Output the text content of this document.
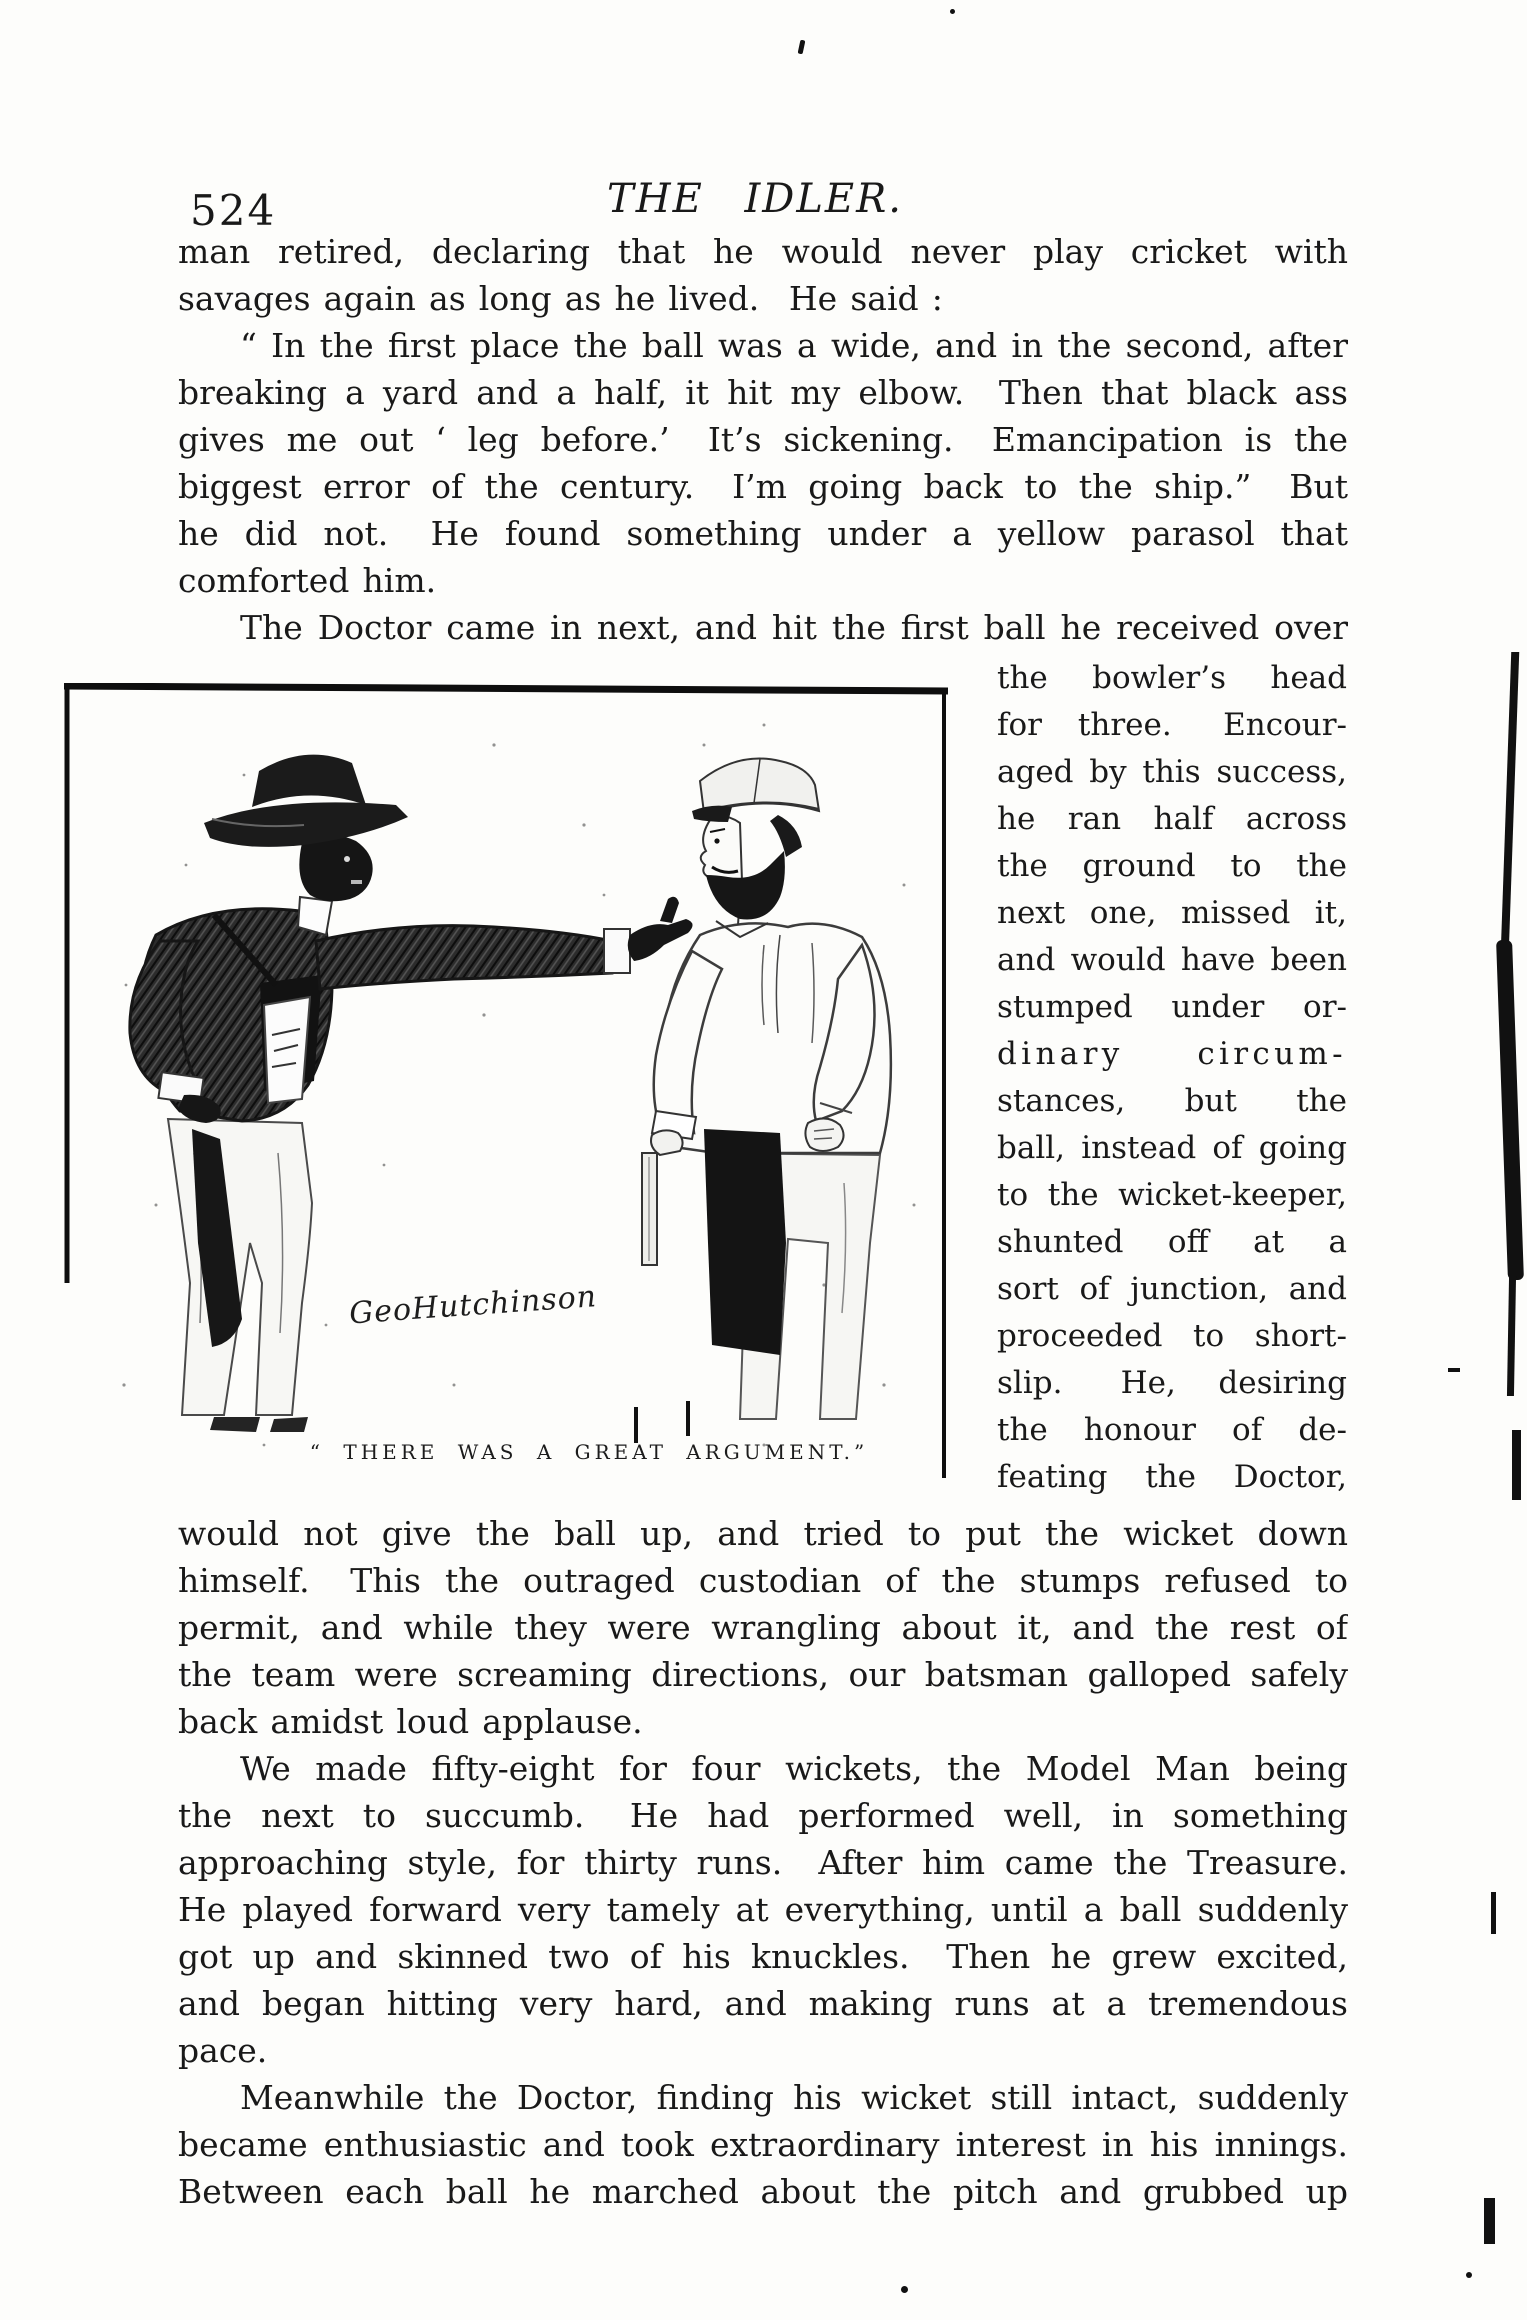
524	THE IDLER.
man retired, declaring that he would never play cricket with
savages again as long as he lived.  He said :
“ In the first place the ball was a wide, and in the second, after
breaking a yard and a half, it hit my elbow.  Then that black ass
gives me out ‘ leg before.’  It’s sickening.  Emancipation is the
biggest error of the century.  I’m going back to the ship.”  But
he did not.  He found something under a yellow parasol that
comforted him.
The Doctor came in next, and hit the first ball he received over
GeoHutchinson
“ THERE WAS A GREAT ARGUMENT.”
the bowler’s head
for three.  Encour-
aged by this success,
he ran half across
the ground to the
next one, missed it,
and would have been
stumped under or-
dinary circum-
stances, but the
ball, instead of going
to the wicket-keeper,
shunted off at a
sort of junction, and
proceeded to short-
slip.  He, desiring
the honour of de-
feating the Doctor,
would not give the ball up, and tried to put the wicket down
himself.  This the outraged custodian of the stumps refused to
permit, and while they were wrangling about it, and the rest of
the team were screaming directions, our batsman galloped safely
back amidst loud applause.
We made fifty-eight for four wickets, the Model Man being
the next to succumb.  He had performed well, in something
approaching style, for thirty runs.  After him came the Treasure.
He played forward very tamely at everything, until a ball suddenly
got up and skinned two of his knuckles.  Then he grew excited,
and began hitting very hard, and making runs at a tremendous
pace.
Meanwhile the Doctor, finding his wicket still intact, suddenly
became enthusiastic and took extraordinary interest in his innings.
Between each ball he marched about the pitch and grubbed up
